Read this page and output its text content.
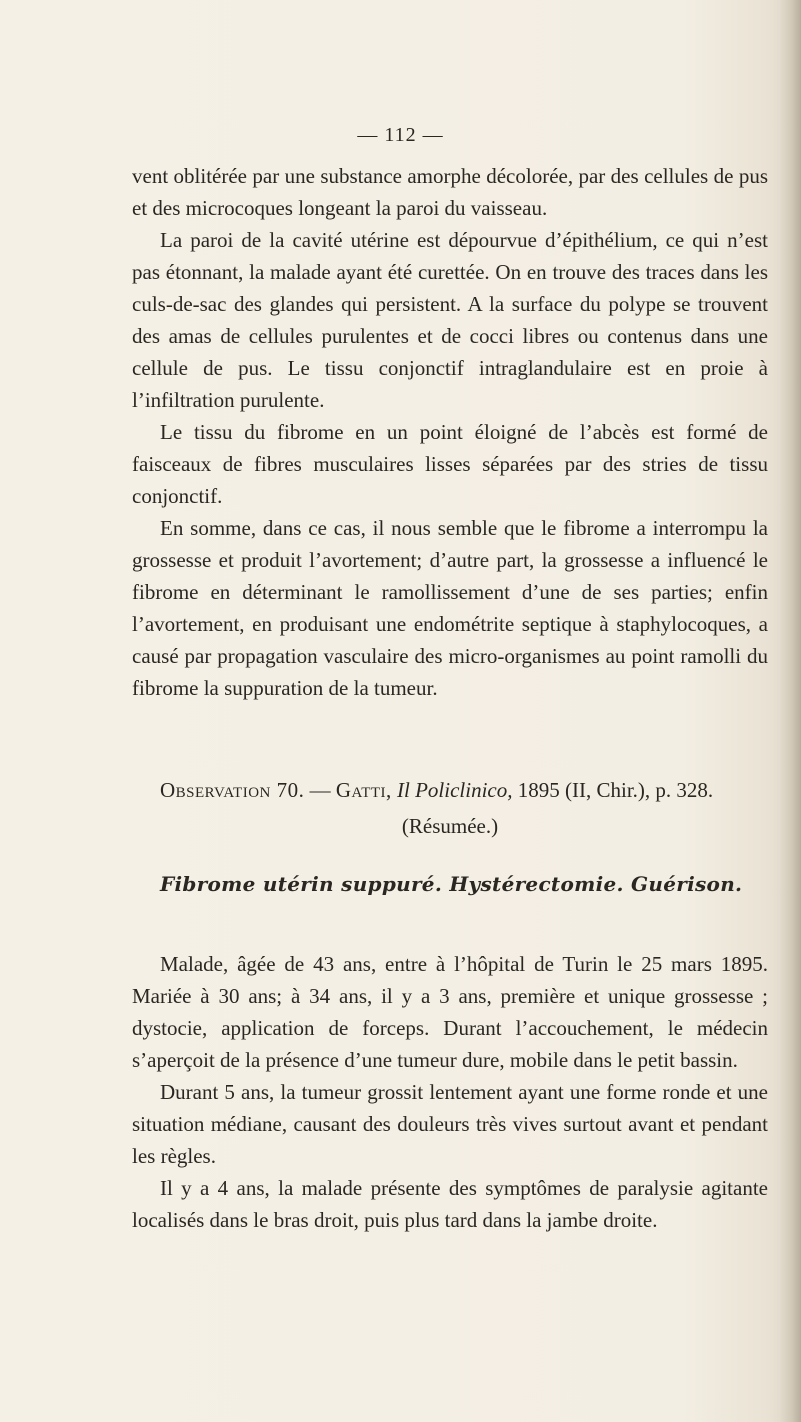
— 112 —

vent oblitérée par une substance amorphe décolorée, par des cellules de pus et des microcoques longeant la paroi du vaisseau.

La paroi de la cavité utérine est dépourvue d’épithélium, ce qui n’est pas étonnant, la malade ayant été curettée. On en trouve des traces dans les culs-de-sac des glandes qui persistent. A la surface du polype se trouvent des amas de cellules purulentes et de cocci libres ou contenus dans une cellule de pus. Le tissu conjonctif intraglandulaire est en proie à l’infiltration purulente.

Le tissu du fibrome en un point éloigné de l’abcès est formé de faisceaux de fibres musculaires lisses séparées par des stries de tissu conjonctif.

En somme, dans ce cas, il nous semble que le fibrome a interrompu la grossesse et produit l’avortement; d’autre part, la grossesse a influencé le fibrome en déterminant le ramollissement d’une de ses parties; enfin l’avortement, en produisant une endométrite septique à staphylocoques, a causé par propagation vasculaire des micro-organismes au point ramolli du fibrome la suppuration de la tumeur.

Observation 70. — Gatti, Il Policlinico, 1895 (II, Chir.), p. 328.

(Résumée.)

Fibrome utérin suppuré. Hystérectomie. Guérison.

Malade, âgée de 43 ans, entre à l’hôpital de Turin le 25 mars 1895. Mariée à 30 ans; à 34 ans, il y a 3 ans, première et unique grossesse ; dystocie, application de forceps. Durant l’accouchement, le médecin s’aperçoit de la présence d’une tumeur dure, mobile dans le petit bassin.

Durant 5 ans, la tumeur grossit lentement ayant une forme ronde et une situation médiane, causant des douleurs très vives surtout avant et pendant les règles.

Il y a 4 ans, la malade présente des symptômes de paralysie agitante localisés dans le bras droit, puis plus tard dans la jambe droite.
